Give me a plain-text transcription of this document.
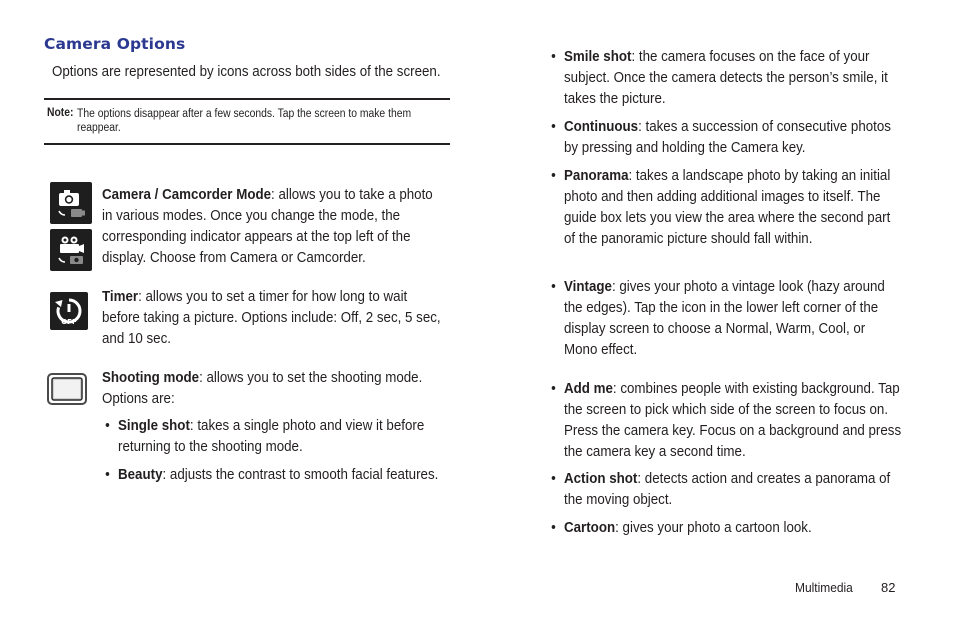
Camera Options
Options are represented by icons across both sides of the screen.
Note: The options disappear after a few seconds. Tap the screen to make them reappear.
Camera / Camcorder Mode: allows you to take a photo in various modes. Once you change the mode, the corresponding indicator appears at the top left of the display. Choose from Camera or Camcorder.
OFF
Timer: allows you to set a timer for how long to wait before taking a picture. Options include: Off, 2 sec, 5 sec, and 10 sec.
Shooting mode: allows you to set the shooting mode. Options are:
• Single shot: takes a single photo and view it before returning to the shooting mode.
• Beauty: adjusts the contrast to smooth facial features.
• Smile shot: the camera focuses on the face of your subject. Once the camera detects the person’s smile, it takes the picture.
• Continuous: takes a succession of consecutive photos by pressing and holding the Camera key.
• Panorama: takes a landscape photo by taking an initial photo and then adding additional images to itself. The guide box lets you view the area where the second part of the panoramic picture should fall within.
• Vintage: gives your photo a vintage look (hazy around the edges). Tap the icon in the lower left corner of the display screen to choose a Normal, Warm, Cool, or Mono effect.
• Add me: combines people with existing background. Tap the screen to pick which side of the screen to focus on. Press the camera key. Focus on a background and press the camera key a second time.
• Action shot: detects action and creates a panorama of the moving object.
• Cartoon: gives your photo a cartoon look.
Multimedia 82
